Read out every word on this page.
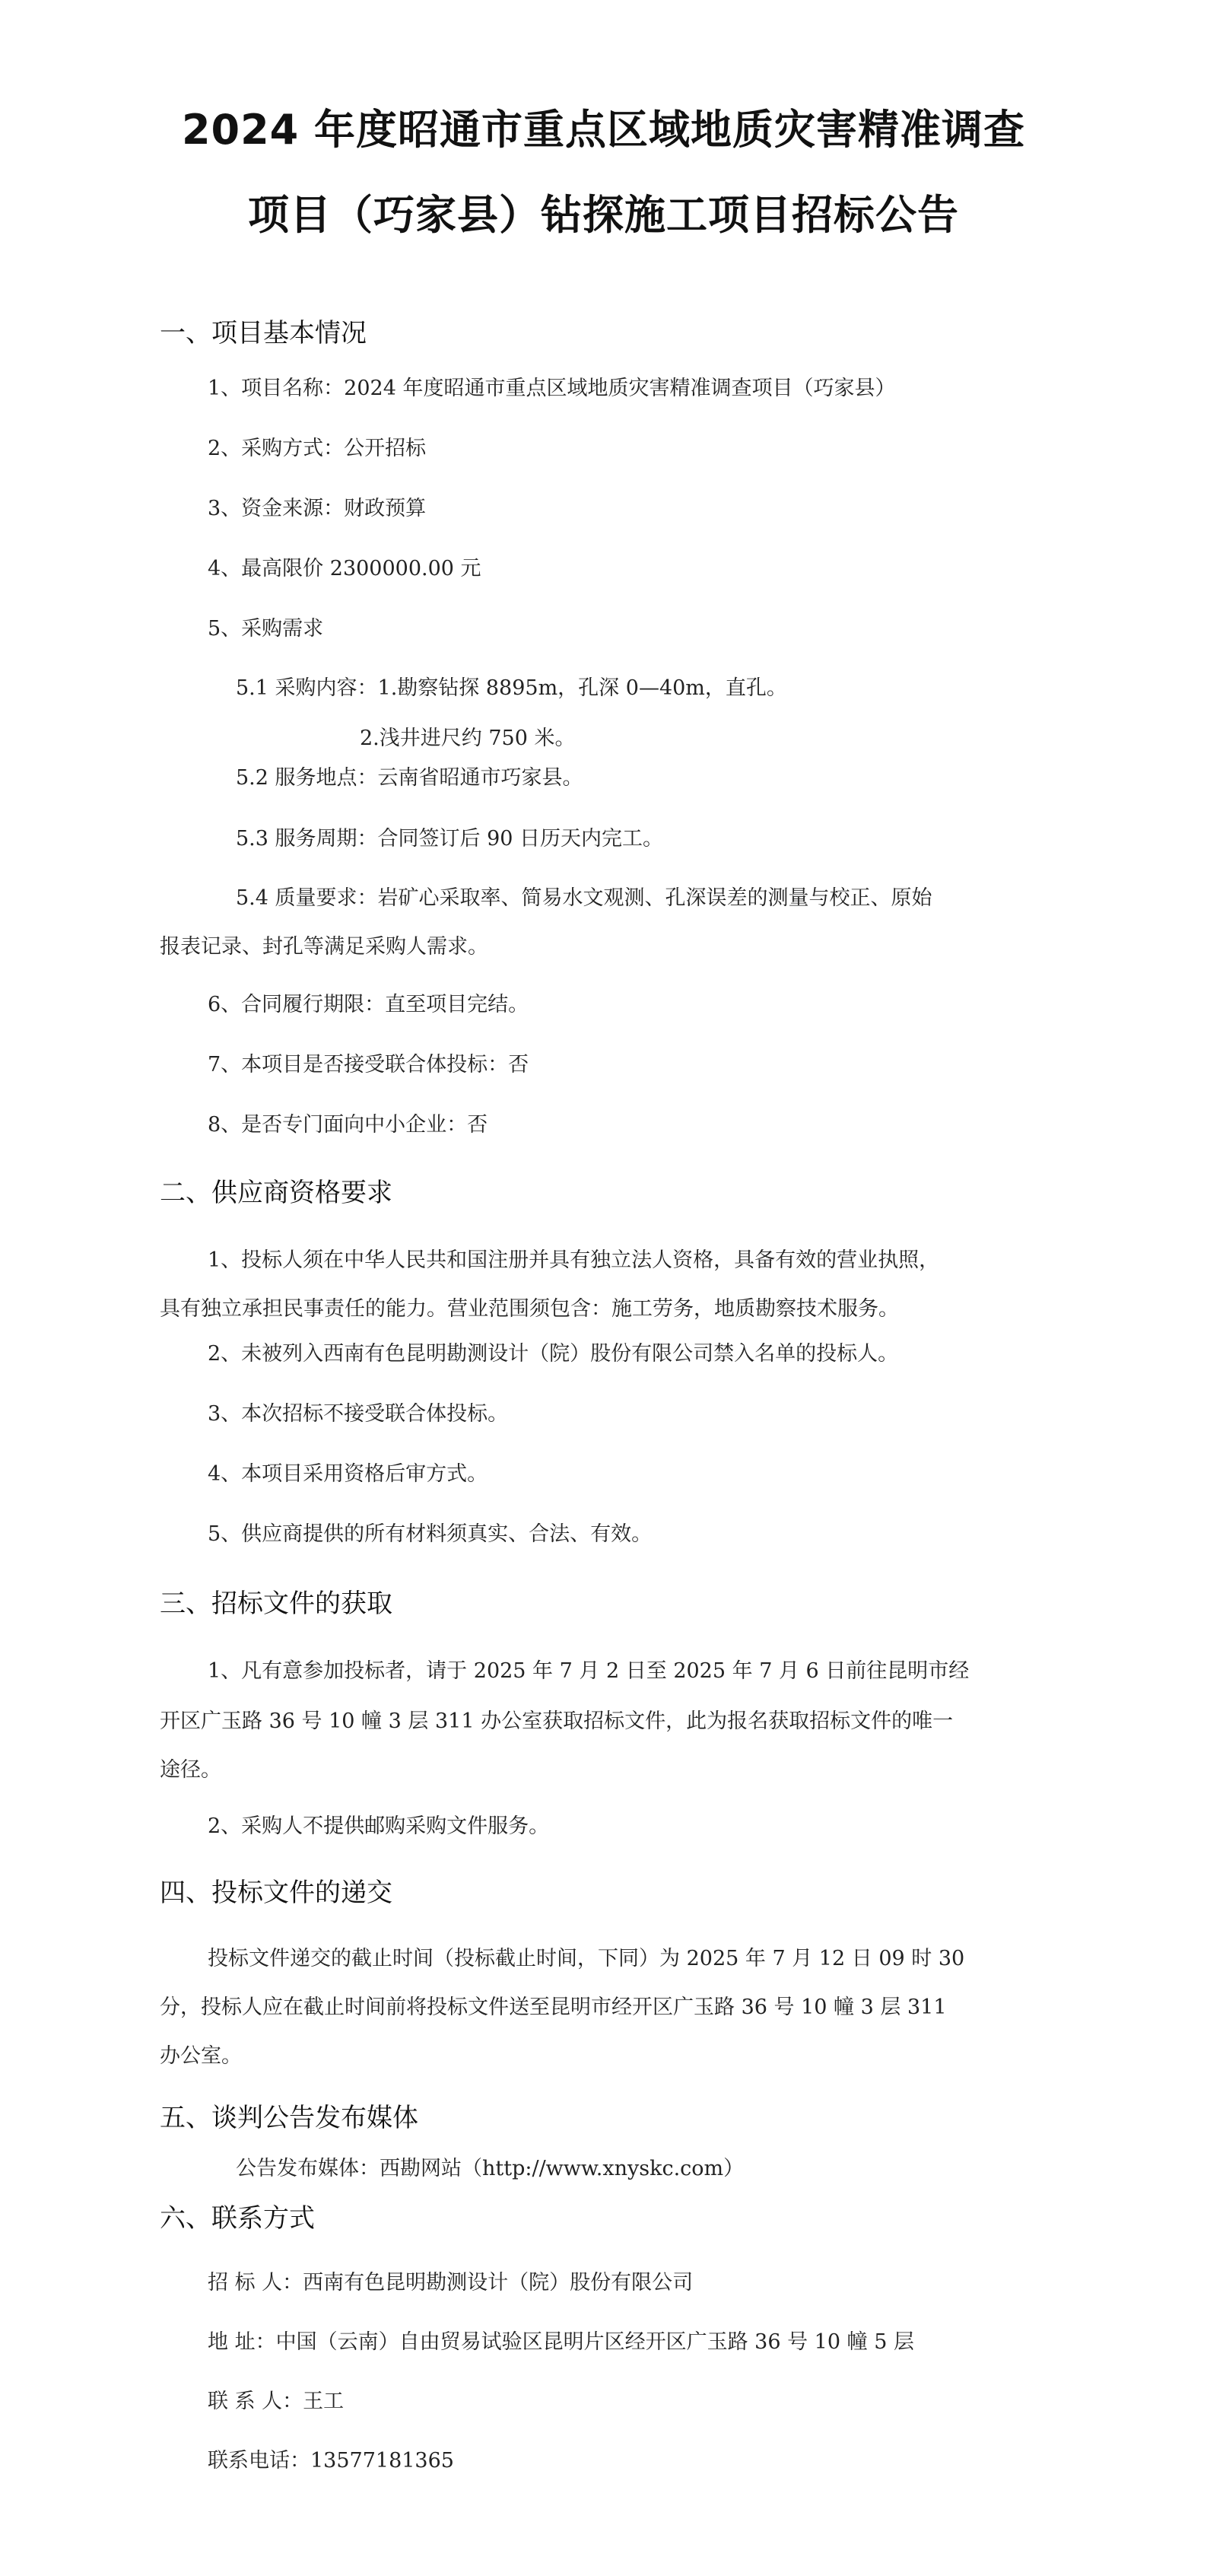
2024 年度昭通市重点区域地质灾害精准调查
项目（巧家县）钻探施工项目招标公告
一、项目基本情况
1、项目名称：2024 年度昭通市重点区域地质灾害精准调查项目（巧家县）
2、采购方式：公开招标
3、资金来源：财政预算
4、最高限价 2300000.00 元
5、采购需求
5.1 采购内容：1.勘察钻探 8895m，孔深 0—40m，直孔。
2.浅井进尺约 750 米。
5.2 服务地点：云南省昭通市巧家县。
5.3 服务周期：合同签订后 90 日历天内完工。
5.4 质量要求：岩矿心采取率、简易水文观测、孔深误差的测量与校正、原始
报表记录、封孔等满足采购人需求。
6、合同履行期限：直至项目完结。
7、本项目是否接受联合体投标：否
8、是否专门面向中小企业：否
二、供应商资格要求
1、投标人须在中华人民共和国注册并具有独立法人资格，具备有效的营业执照，
具有独立承担民事责任的能力。营业范围须包含：施工劳务，地质勘察技术服务。
2、未被列入西南有色昆明勘测设计（院）股份有限公司禁入名单的投标人。
3、本次招标不接受联合体投标。
4、本项目采用资格后审方式。
5、供应商提供的所有材料须真实、合法、有效。
三、招标文件的获取
1、凡有意参加投标者，请于 2025 年 7 月 2 日至 2025 年 7 月 6 日前往昆明市经
开区广玉路 36 号 10 幢 3 层 311 办公室获取招标文件，此为报名获取招标文件的唯一
途径。
2、采购人不提供邮购采购文件服务。
四、投标文件的递交
投标文件递交的截止时间（投标截止时间，下同）为 2025 年 7 月 12 日 09 时 30
分，投标人应在截止时间前将投标文件送至昆明市经开区广玉路 36 号 10 幢 3 层 311
办公室。
五、谈判公告发布媒体
公告发布媒体：西勘网站（http://www.xnyskc.com）
六、联系方式
招 标 人：西南有色昆明勘测设计（院）股份有限公司
地 址：中国（云南）自由贸易试验区昆明片区经开区广玉路 36 号 10 幢 5 层
联 系 人：王工
联系电话：13577181365
